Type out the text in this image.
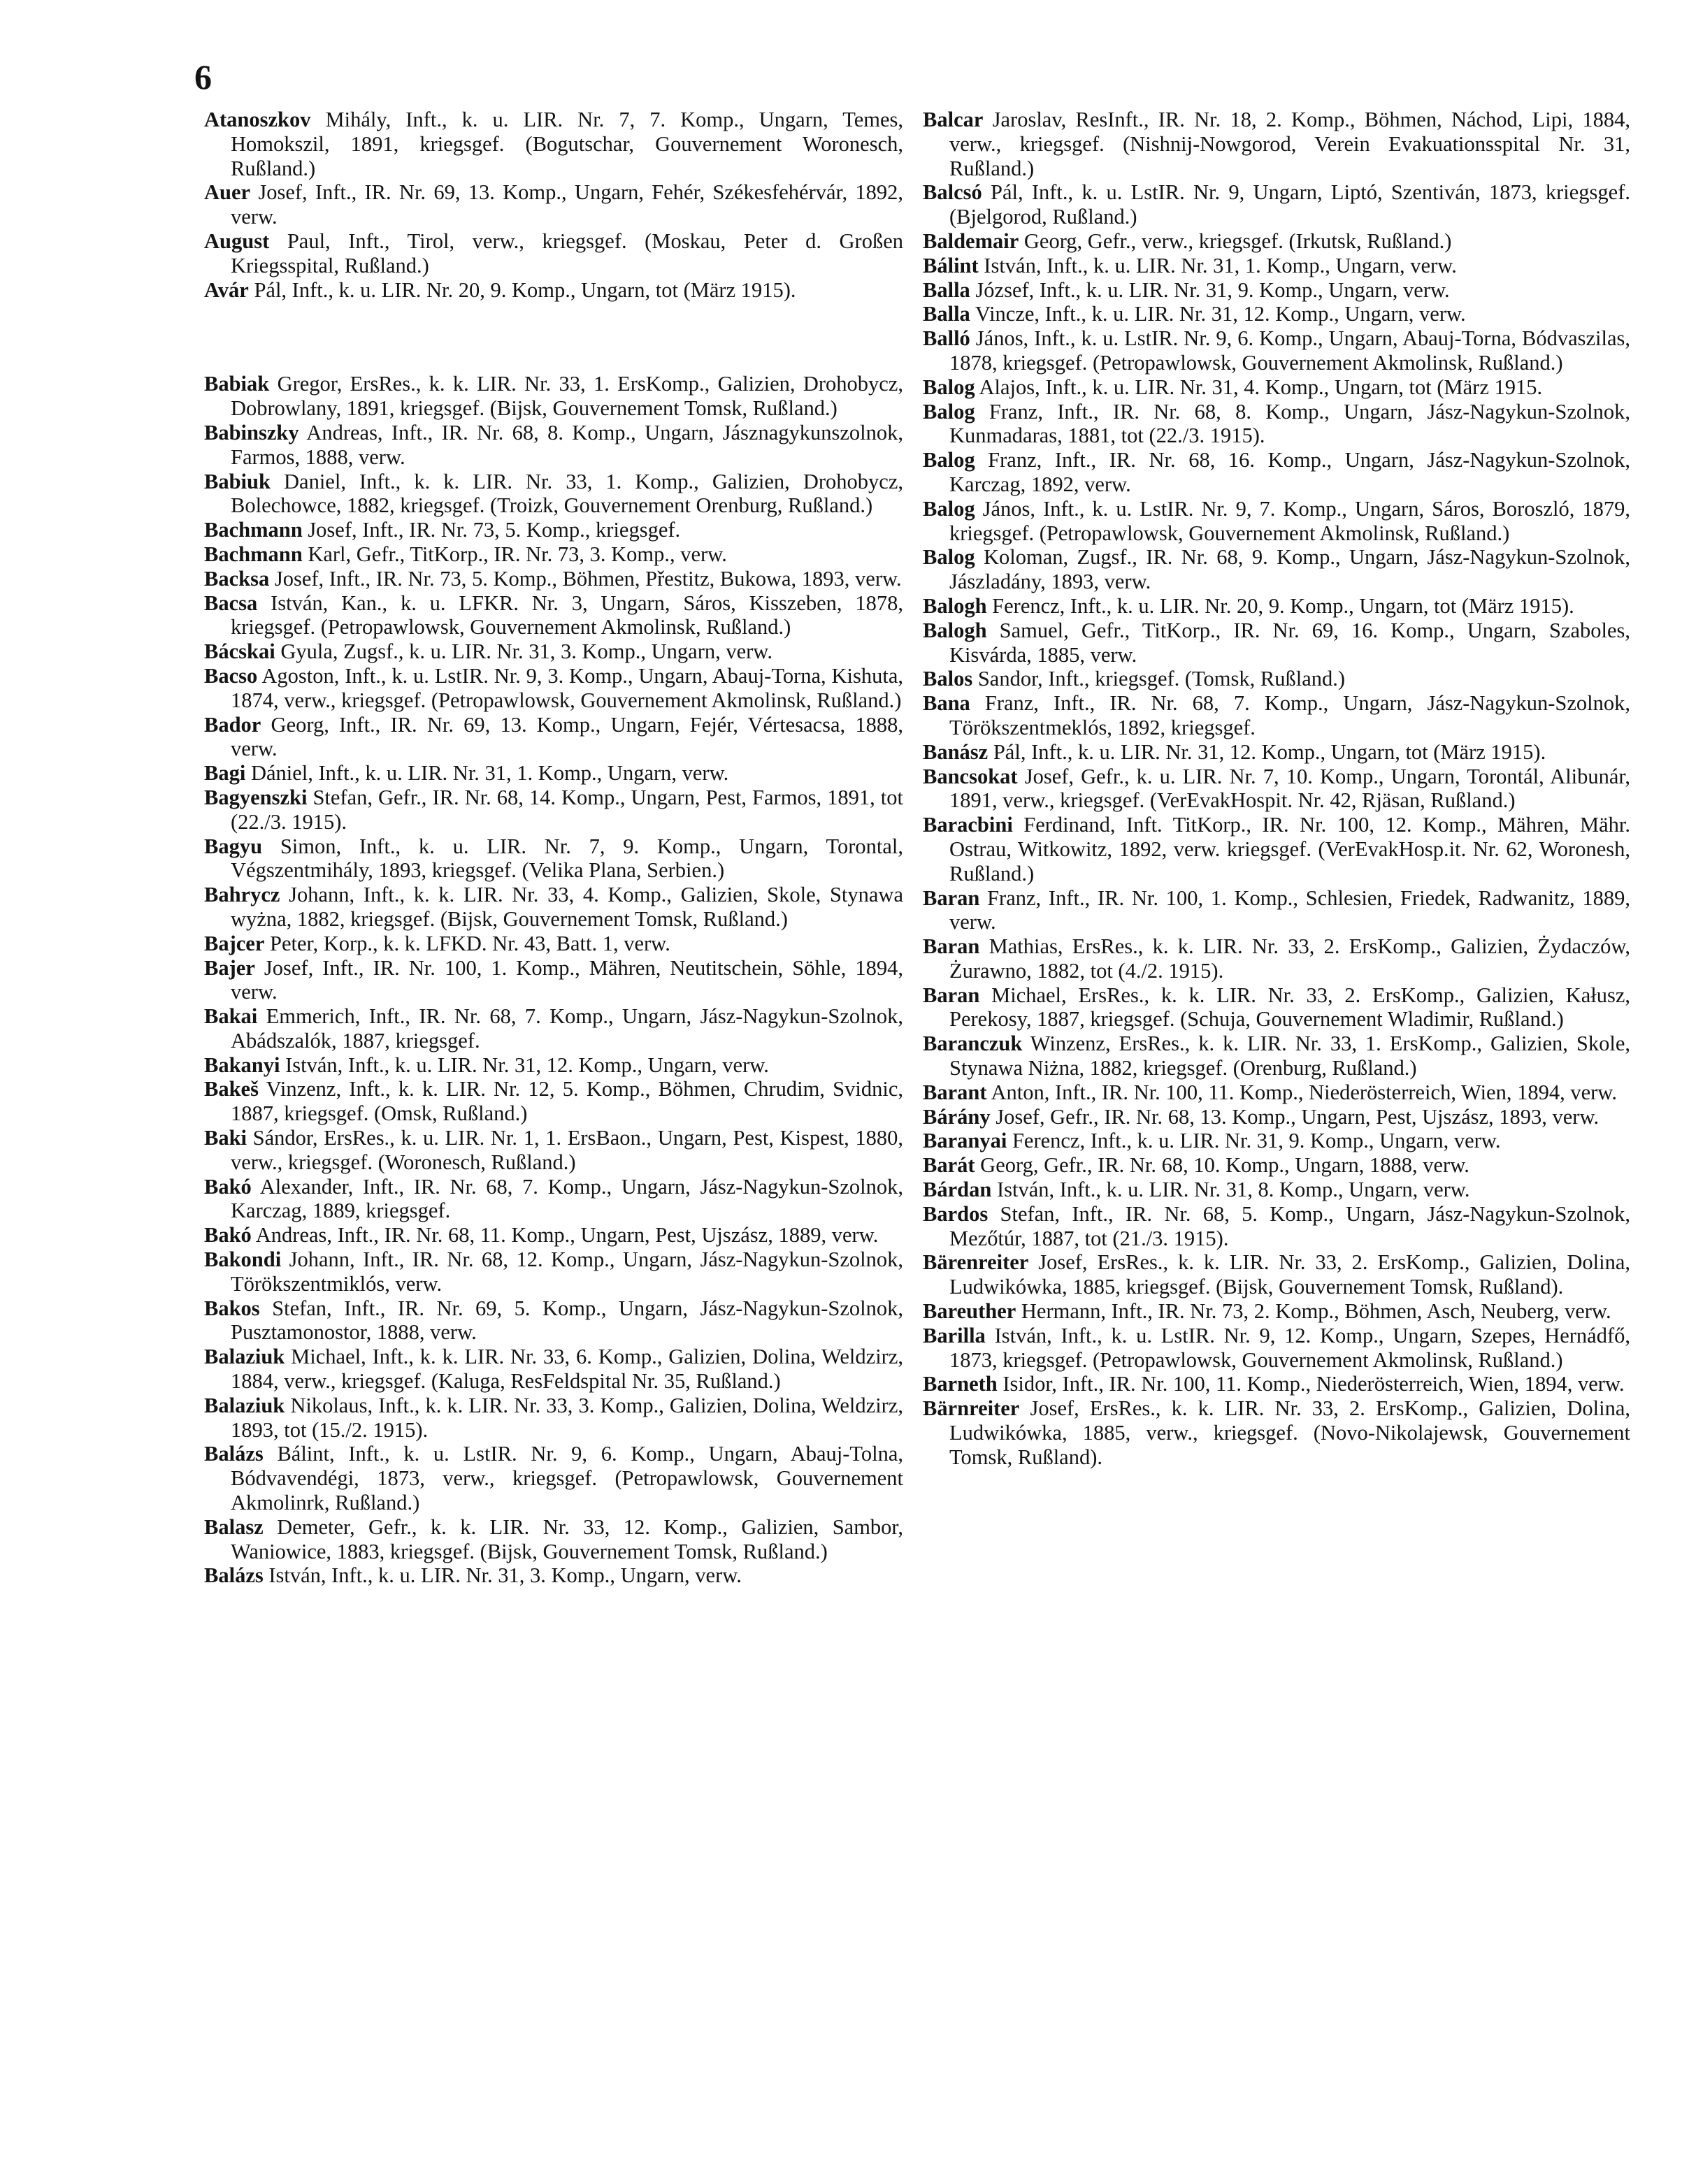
6
Atanoszkov Mihály, Inft., k. u. LIR. Nr. 7, 7. Komp., Ungarn, Temes, Homokszil, 1891, kriegsgef. (Bogutschar, Gouvernement Woronesch, Rußland.)
Auer Josef, Inft., IR. Nr. 69, 13. Komp., Ungarn, Fehér, Székesfehérvár, 1892, verw.
August Paul, Inft., Tirol, verw., kriegsgef. (Moskau, Peter d. Großen Kriegsspital, Rußland.)
Avár Pál, Inft., k. u. LIR. Nr. 20, 9. Komp., Ungarn, tot (März 1915).
Babiak Gregor, ErsRes., k. k. LIR. Nr. 33, 1. ErsKomp., Galizien, Drohobycz, Dobrowlany, 1891, kriegsgef. (Bijsk, Gouvernement Tomsk, Rußland.)
Babinszky Andreas, Inft., IR. Nr. 68, 8. Komp., Ungarn, Jásznagykunszolnok, Farmos, 1888, verw.
Babiuk Daniel, Inft., k. k. LIR. Nr. 33, 1. Komp., Galizien, Drohobycz, Bolechowce, 1882, kriegsgef. (Troizk, Gouvernement Orenburg, Rußland.)
Bachmann Josef, Inft., IR. Nr. 73, 5. Komp., kriegsgef.
Bachmann Karl, Gefr., TitKorp., IR. Nr. 73, 3. Komp., verw.
Backsa Josef, Inft., IR. Nr. 73, 5. Komp., Böhmen, Přestitz, Bukowa, 1893, verw.
Bacsa István, Kan., k. u. LFKR. Nr. 3, Ungarn, Sáros, Kisszeben, 1878, kriegsgef. (Petropawlowsk, Gouvernement Akmolinsk, Rußland.)
Bácskai Gyula, Zugsf., k. u. LIR. Nr. 31, 3. Komp., Ungarn, verw.
Bacso Agoston, Inft., k. u. LstIR. Nr. 9, 3. Komp., Ungarn, Abauj-Torna, Kishuta, 1874, verw., kriegsgef. (Petropawlowsk, Gouvernement Akmolinsk, Rußland.)
Bador Georg, Inft., IR. Nr. 69, 13. Komp., Ungarn, Fejér, Vértesacsa, 1888, verw.
Bagi Dániel, Inft., k. u. LIR. Nr. 31, 1. Komp., Ungarn, verw.
Bagyenszki Stefan, Gefr., IR. Nr. 68, 14. Komp., Ungarn, Pest, Farmos, 1891, tot (22./3. 1915).
Bagyu Simon, Inft., k. u. LIR. Nr. 7, 9. Komp., Ungarn, Torontal, Végszentmihály, 1893, kriegsgef. (Velika Plana, Serbien.)
Bahrycz Johann, Inft., k. k. LIR. Nr. 33, 4. Komp., Galizien, Skole, Stynawa wyżna, 1882, kriegsgef. (Bijsk, Gouvernement Tomsk, Rußland.)
Bajcer Peter, Korp., k. k. LFKD. Nr. 43, Batt. 1, verw.
Bajer Josef, Inft., IR. Nr. 100, 1. Komp., Mähren, Neutitschein, Söhle, 1894, verw.
Bakai Emmerich, Inft., IR. Nr. 68, 7. Komp., Ungarn, Jász-Nagykun-Szolnok, Abádszalók, 1887, kriegsgef.
Bakanyi István, Inft., k. u. LIR. Nr. 31, 12. Komp., Ungarn, verw.
Bakeš Vinzenz, Inft., k. k. LIR. Nr. 12, 5. Komp., Böhmen, Chrudim, Svidnic, 1887, kriegsgef. (Omsk, Rußland.)
Baki Sándor, ErsRes., k. u. LIR. Nr. 1, 1. ErsBaon., Ungarn, Pest, Kispest, 1880, verw., kriegsgef. (Woronesch, Rußland.)
Bakó Alexander, Inft., IR. Nr. 68, 7. Komp., Ungarn, Jász-Nagykun-Szolnok, Karczag, 1889, kriegsgef.
Bakó Andreas, Inft., IR. Nr. 68, 11. Komp., Ungarn, Pest, Ujszász, 1889, verw.
Bakondi Johann, Inft., IR. Nr. 68, 12. Komp., Ungarn, Jász-Nagykun-Szolnok, Törökszentmiklós, verw.
Bakos Stefan, Inft., IR. Nr. 69, 5. Komp., Ungarn, Jász-Nagykun-Szolnok, Pusztamonostor, 1888, verw.
Balaziuk Michael, Inft., k. k. LIR. Nr. 33, 6. Komp., Galizien, Dolina, Weldzirz, 1884, verw., kriegsgef. (Kaluga, ResFeldspital Nr. 35, Rußland.)
Balaziuk Nikolaus, Inft., k. k. LIR. Nr. 33, 3. Komp., Galizien, Dolina, Weldzirz, 1893, tot (15./2. 1915).
Balázs Bálint, Inft., k. u. LstIR. Nr. 9, 6. Komp., Ungarn, Abauj-Tolna, Bódvavendégi, 1873, verw., kriegsgef. (Petropawlowsk, Gouvernement Akmolinrk, Rußland.)
Balasz Demeter, Gefr., k. k. LIR. Nr. 33, 12. Komp., Galizien, Sambor, Waniowice, 1883, kriegsgef. (Bijsk, Gouvernement Tomsk, Rußland.)
Balázs István, Inft., k. u. LIR. Nr. 31, 3. Komp., Ungarn, verw.
Balcar Jaroslav, ResInft., IR. Nr. 18, 2. Komp., Böhmen, Náchod, Lipi, 1884, verw., kriegsgef. (Nishnij-Nowgorod, Verein Evakuationsspital Nr. 31, Rußland.)
Balcsó Pál, Inft., k. u. LstIR. Nr. 9, Ungarn, Liptó, Szentiván, 1873, kriegsgef. (Bjelgorod, Rußland.)
Baldemair Georg, Gefr., verw., kriegsgef. (Irkutsk, Rußland.)
Bálint István, Inft., k. u. LIR. Nr. 31, 1. Komp., Ungarn, verw.
Balla József, Inft., k. u. LIR. Nr. 31, 9. Komp., Ungarn, verw.
Balla Vincze, Inft., k. u. LIR. Nr. 31, 12. Komp., Ungarn, verw.
Balló János, Inft., k. u. LstIR. Nr. 9, 6. Komp., Ungarn, Abauj-Torna, Bódvaszilas, 1878, kriegsgef. (Petropawlowsk, Gouvernement Akmolinsk, Rußland.)
Balog Alajos, Inft., k. u. LIR. Nr. 31, 4. Komp., Ungarn, tot (März 1915.
Balog Franz, Inft., IR. Nr. 68, 8. Komp., Ungarn, Jász-Nagykun-Szolnok, Kunmadaras, 1881, tot (22./3. 1915).
Balog Franz, Inft., IR. Nr. 68, 16. Komp., Ungarn, Jász-Nagykun-Szolnok, Karczag, 1892, verw.
Balog János, Inft., k. u. LstIR. Nr. 9, 7. Komp., Ungarn, Sáros, Boroszló, 1879, kriegsgef. (Petropawlowsk, Gouvernement Akmolinsk, Rußland.)
Balog Koloman, Zugsf., IR. Nr. 68, 9. Komp., Ungarn, Jász-Nagykun-Szolnok, Jászladány, 1893, verw.
Balogh Ferencz, Inft., k. u. LIR. Nr. 20, 9. Komp., Ungarn, tot (März 1915).
Balogh Samuel, Gefr., TitKorp., IR. Nr. 69, 16. Komp., Ungarn, Szaboles, Kisvárda, 1885, verw.
Balos Sandor, Inft., kriegsgef. (Tomsk, Rußland.)
Bana Franz, Inft., IR. Nr. 68, 7. Komp., Ungarn, Jász-Nagykun-Szolnok, Törökszentmeklós, 1892, kriegsgef.
Banász Pál, Inft., k. u. LIR. Nr. 31, 12. Komp., Ungarn, tot (März 1915).
Bancsokat Josef, Gefr., k. u. LIR. Nr. 7, 10. Komp., Ungarn, Torontál, Alibunár, 1891, verw., kriegsgef. (VerEvakHospit. Nr. 42, Rjäsan, Rußland.)
Baracbini Ferdinand, Inft. TitKorp., IR. Nr. 100, 12. Komp., Mähren, Mähr. Ostrau, Witkowitz, 1892, verw. kriegsgef. (VerEvakHosp.it. Nr. 62, Woronesh, Rußland.)
Baran Franz, Inft., IR. Nr. 100, 1. Komp., Schlesien, Friedek, Radwanitz, 1889, verw.
Baran Mathias, ErsRes., k. k. LIR. Nr. 33, 2. ErsKomp., Galizien, Żydaczów, Żurawno, 1882, tot (4./2. 1915).
Baran Michael, ErsRes., k. k. LIR. Nr. 33, 2. ErsKomp., Galizien, Kałusz, Perekosy, 1887, kriegsgef. (Schuja, Gouvernement Wladimir, Rußland.)
Baranczuk Winzenz, ErsRes., k. k. LIR. Nr. 33, 1. ErsKomp., Galizien, Skole, Stynawa Niżna, 1882, kriegsgef. (Orenburg, Rußland.)
Barant Anton, Inft., IR. Nr. 100, 11. Komp., Niederösterreich, Wien, 1894, verw.
Bárány Josef, Gefr., IR. Nr. 68, 13. Komp., Ungarn, Pest, Ujszász, 1893, verw.
Baranyai Ferencz, Inft., k. u. LIR. Nr. 31, 9. Komp., Ungarn, verw.
Barát Georg, Gefr., IR. Nr. 68, 10. Komp., Ungarn, 1888, verw.
Bárdan István, Inft., k. u. LIR. Nr. 31, 8. Komp., Ungarn, verw.
Bardos Stefan, Inft., IR. Nr. 68, 5. Komp., Ungarn, Jász-Nagykun-Szolnok, Mezőtúr, 1887, tot (21./3. 1915).
Bärenreiter Josef, ErsRes., k. k. LIR. Nr. 33, 2. ErsKomp., Galizien, Dolina, Ludwikówka, 1885, kriegsgef. (Bijsk, Gouvernement Tomsk, Rußland).
Bareuther Hermann, Inft., IR. Nr. 73, 2. Komp., Böhmen, Asch, Neuberg, verw.
Barilla István, Inft., k. u. LstIR. Nr. 9, 12. Komp., Ungarn, Szepes, Hernádfő, 1873, kriegsgef. (Petropawlowsk, Gouvernement Akmolinsk, Rußland.)
Barneth Isidor, Inft., IR. Nr. 100, 11. Komp., Niederösterreich, Wien, 1894, verw.
Bärnreiter Josef, ErsRes., k. k. LIR. Nr. 33, 2. ErsKomp., Galizien, Dolina, Ludwikówka, 1885, verw., kriegsgef. (Novo-Nikolajewsk, Gouvernement Tomsk, Rußland).
